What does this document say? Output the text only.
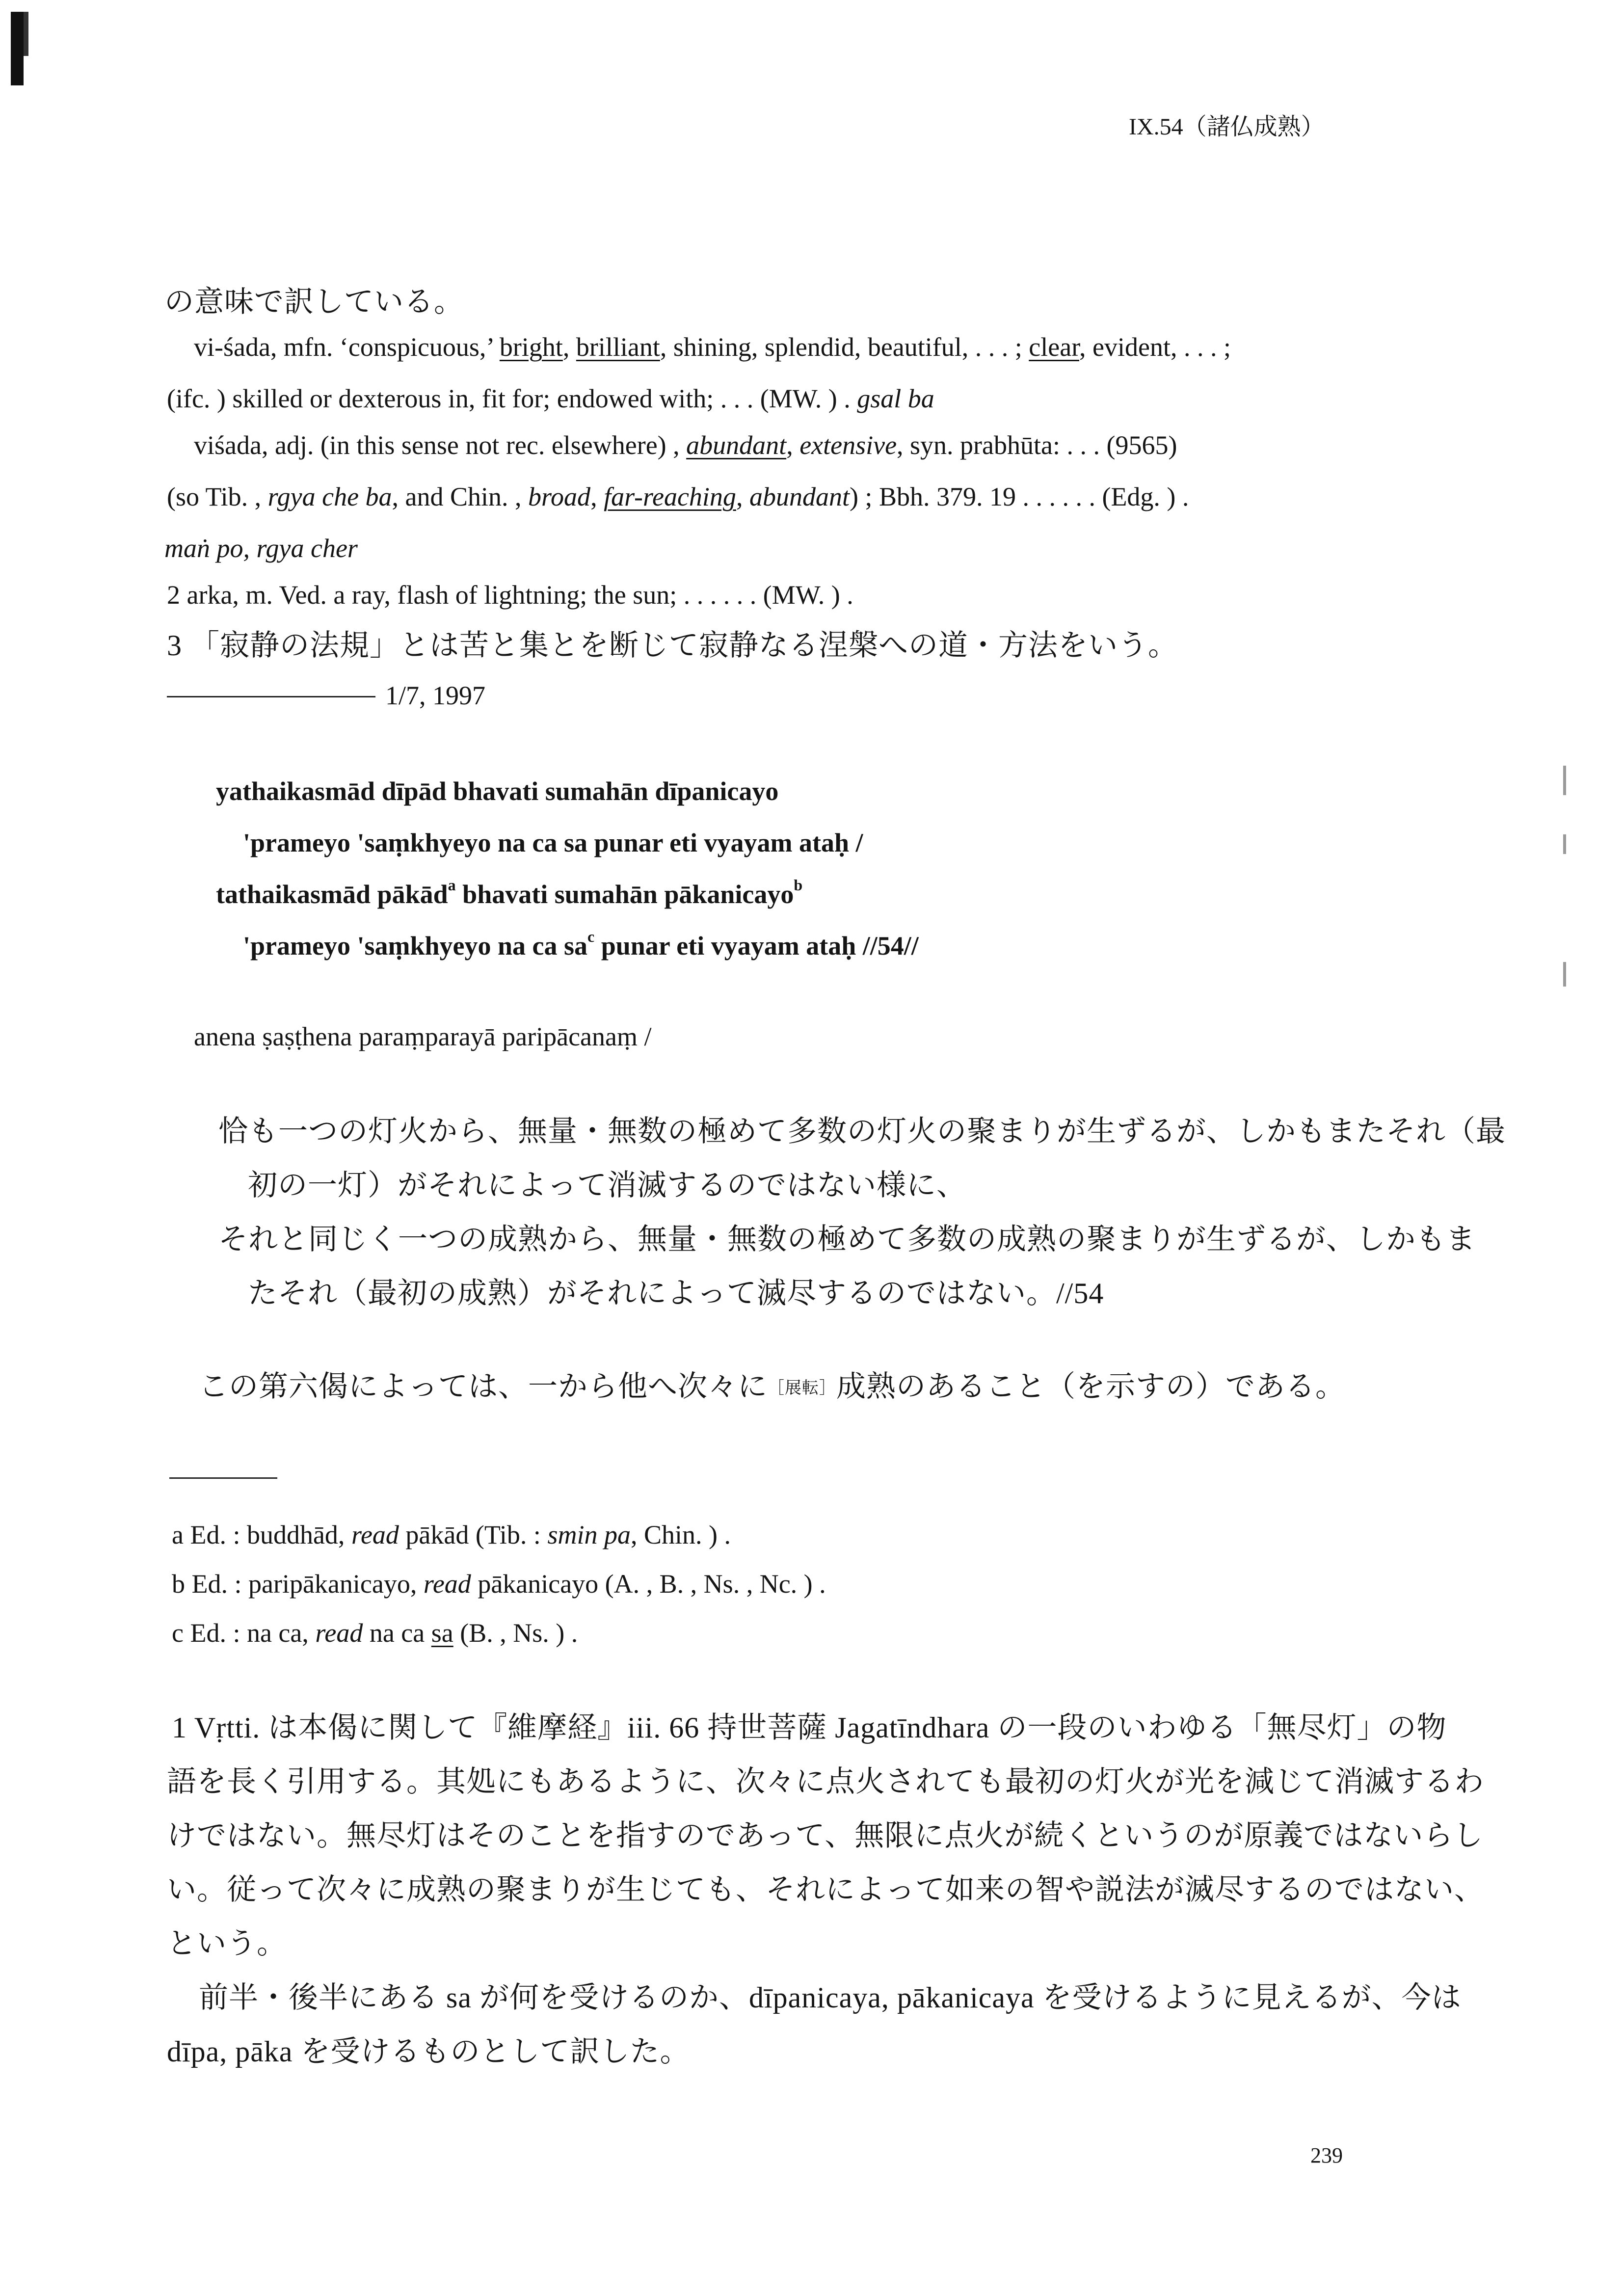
IX.54（諸仏成熟）
の意味で訳している。
vi-śada, mfn. ‘conspicuous,’ bright, brilliant, shining, splendid, beautiful, . . . ; clear, evident, . . . ;
(ifc. ) skilled or dexterous in, fit for; endowed with; . . . (MW. ) . gsal ba
viśada, adj. (in this sense not rec. elsewhere) , abundant, extensive, syn. prabhūta: . . . (9565)
(so Tib. , rgya che ba, and Chin. , broad, far-reaching, abundant) ; Bbh. 379. 19 . . . . . . (Edg. ) .
maṅ po, rgya cher
2 arka, m. Ved. a ray, flash of lightning; the sun; . . . . . . (MW. ) .
3 「寂静の法規」とは苦と集とを断じて寂静なる涅槃への道・方法をいう。
1/7, 1997
yathaikasmād dīpād bhavati sumahān dīpanicayo
'prameyo 'saṃkhyeyo na ca sa punar eti vyayam ataḥ /
tathaikasmād pākād$^a$ bhavati sumahān pākanicayo$^b$
'prameyo 'saṃkhyeyo na ca $sa^c$ punar eti vyayam ataḥ //54//
anena ṣaṣṭhena paraṃparayā paripācanaṃ /
恰も一つの灯火から、無量・無数の極めて多数の灯火の聚まりが生ずるが、しかもまたそれ（最
初の一灯）がそれによって消滅するのではない様に、
それと同じく一つの成熟から、無量・無数の極めて多数の成熟の聚まりが生ずるが、しかもま
たそれ（最初の成熟）がそれによって滅尽するのではない。//54
この第六偈によっては、一から他へ次々に［展転］成熟のあること（を示すの）である。
a Ed. : buddhād, read pākād (Tib. : smin pa, Chin. ) .
b Ed. : paripākanicayo, read pākanicayo (A. , B. , Ns. , Nc. ) .
c Ed. : na ca, read na ca sa (B. , Ns. ) .
1 Vṛtti. は本偈に関して『維摩経』iii. 66 持世菩薩 Jagatīndhara の一段のいわゆる「無尽灯」の物
語を長く引用する。其処にもあるように、次々に点火されても最初の灯火が光を減じて消滅するわ
けではない。無尽灯はそのことを指すのであって、無限に点火が続くというのが原義ではないらし
い。従って次々に成熟の聚まりが生じても、それによって如来の智や説法が滅尽するのではない、
という。
前半・後半にある sa が何を受けるのか、dīpanicaya, pākanicaya を受けるように見えるが、今は
dīpa, pāka を受けるものとして訳した。
239
